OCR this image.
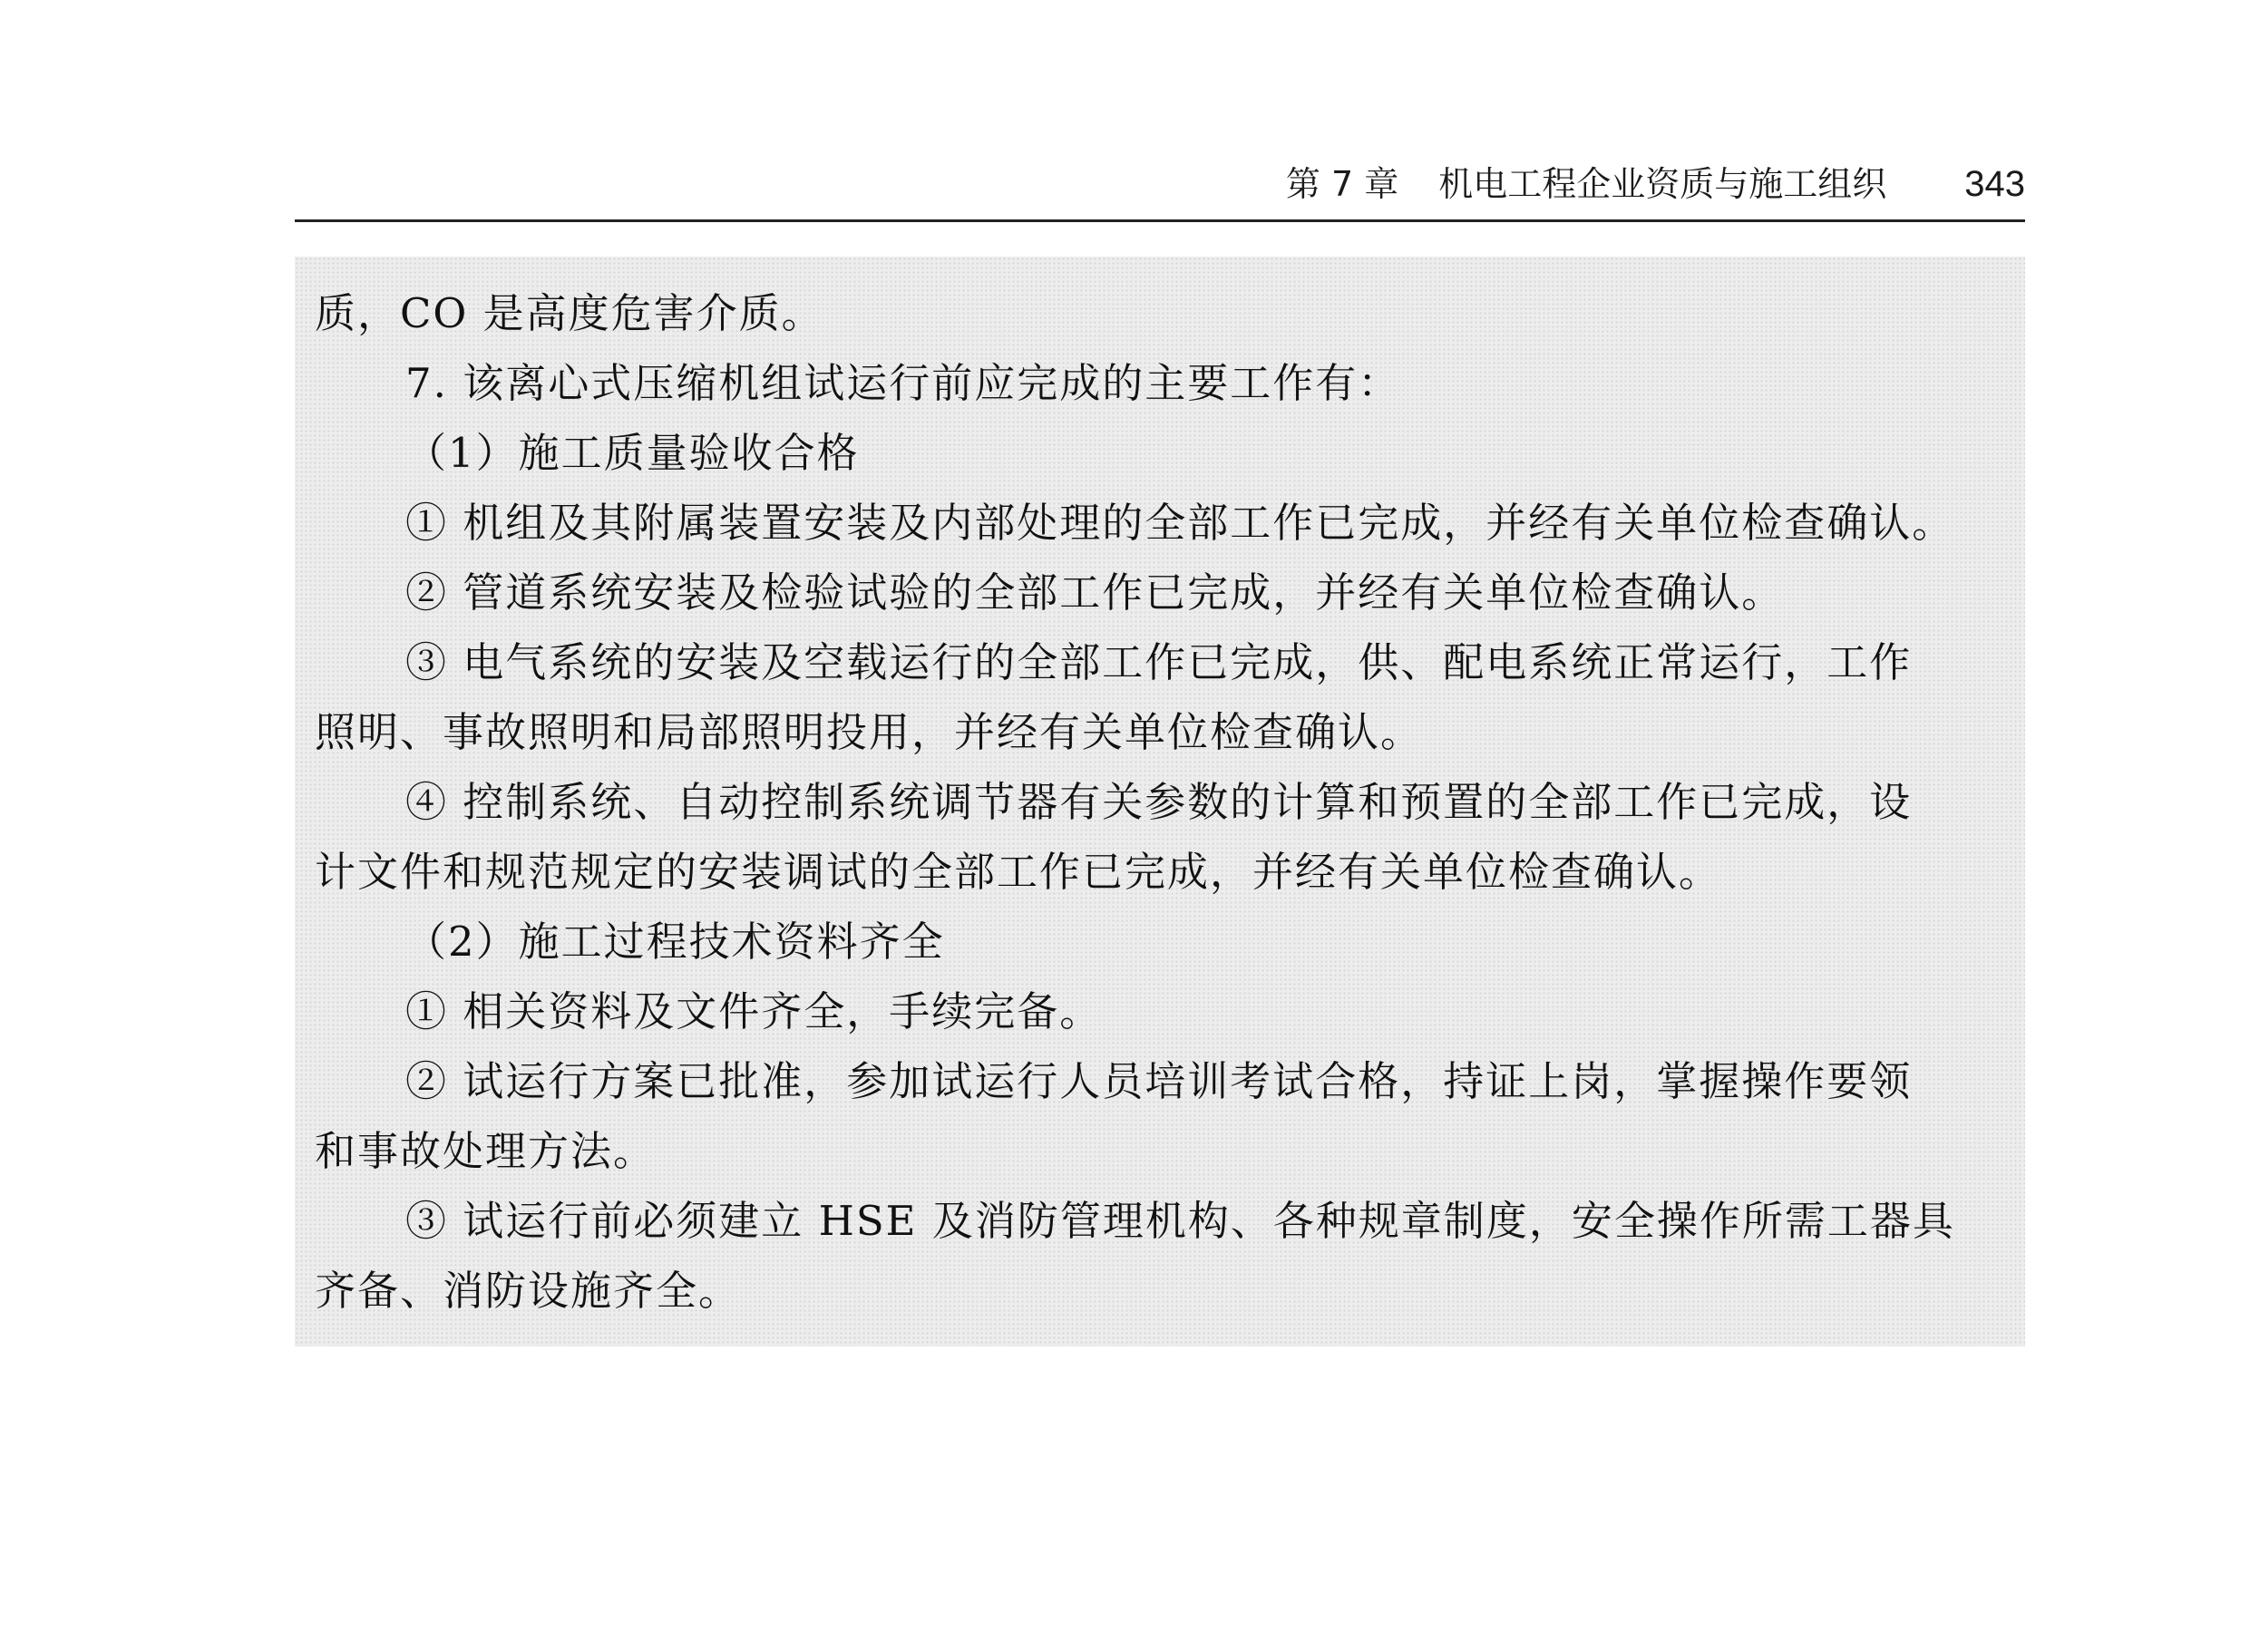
第 7 章 机电工程企业资质与施工组织 343

质，CO 是高度危害介质。

7. 该离心式压缩机组试运行前应完成的主要工作有：

（1）施工质量验收合格

① 机组及其附属装置安装及内部处理的全部工作已完成，并经有关单位检查确认。

② 管道系统安装及检验试验的全部工作已完成，并经有关单位检查确认。

③ 电气系统的安装及空载运行的全部工作已完成，供、配电系统正常运行，工作

照明、事故照明和局部照明投用，并经有关单位检查确认。

④ 控制系统、自动控制系统调节器有关参数的计算和预置的全部工作已完成，设

计文件和规范规定的安装调试的全部工作已完成，并经有关单位检查确认。

（2）施工过程技术资料齐全

① 相关资料及文件齐全，手续完备。

② 试运行方案已批准，参加试运行人员培训考试合格，持证上岗，掌握操作要领

和事故处理方法。

③ 试运行前必须建立 HSE 及消防管理机构、各种规章制度，安全操作所需工器具

齐备、消防设施齐全。
